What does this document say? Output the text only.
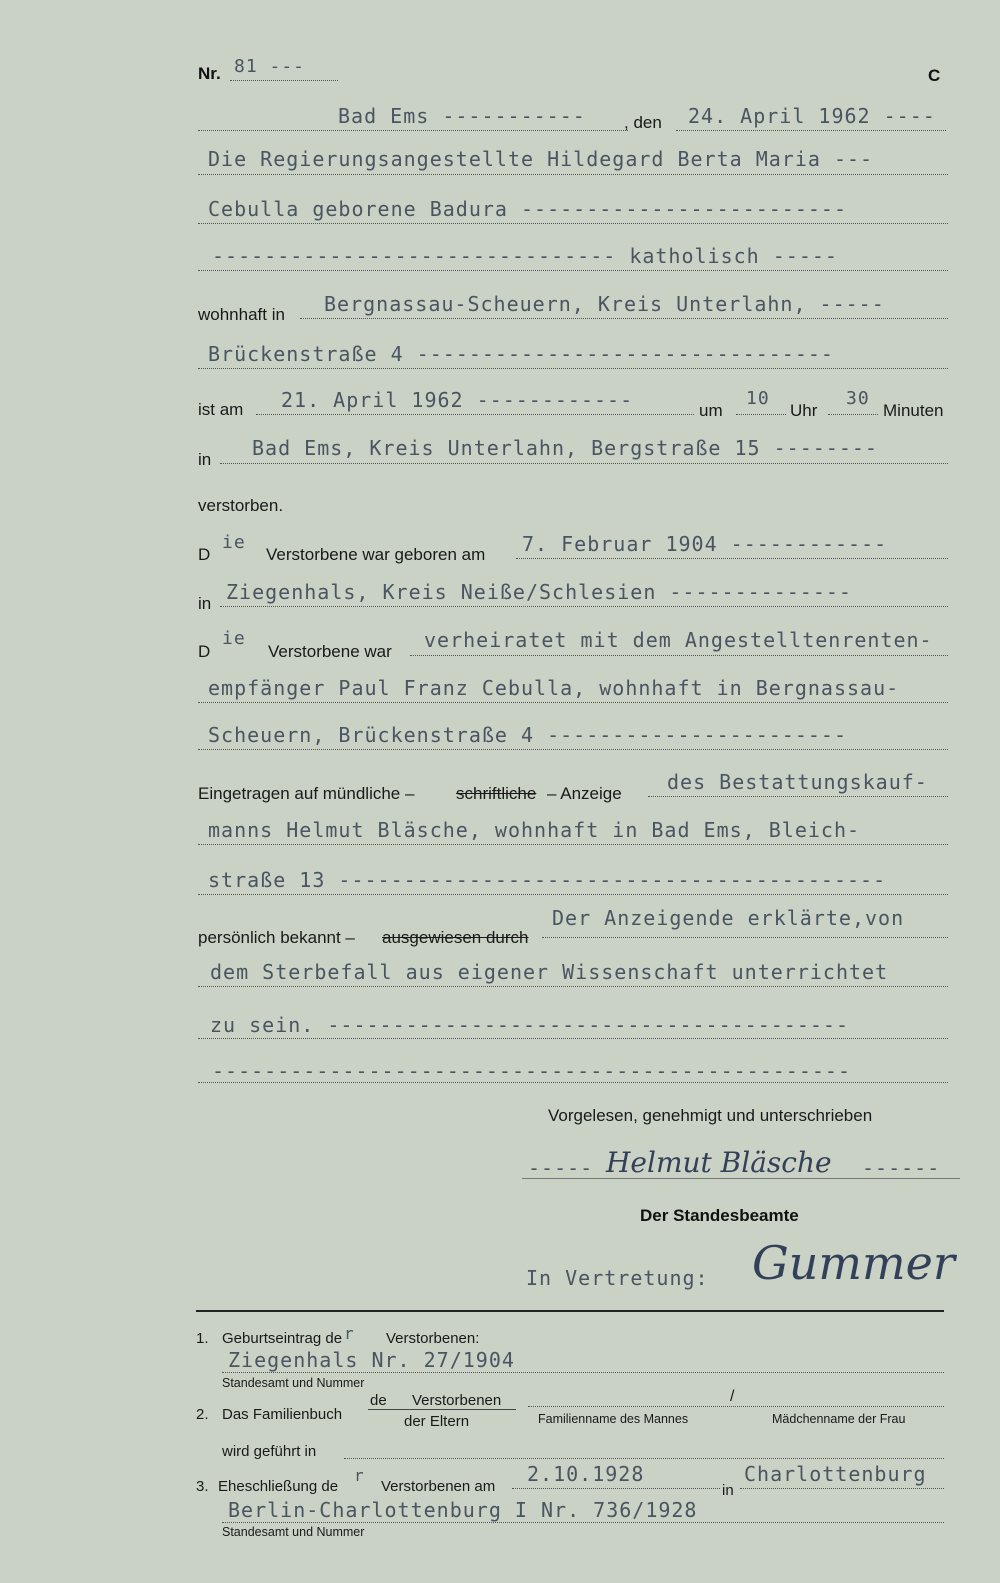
Nr. 81 ---	C
Bad Ems ----------- , den 24. April 1962 ----
Die Regierungsangestellte Hildegard Berta Maria ---
Cebulla geborene Badura -------------------------
------------------------------- katholisch -----
wohnhaft in Bergnassau-Scheuern, Kreis Unterlahn, -----
Brückenstraße 4 --------------------------------
ist am 21. April 1962 ------------	um
10
Uhr
30
Minuten
in Bad Ems, Kreis Unterlahn, Bergstraße 15 --------
verstorben.
D
ie
Verstorbene war geboren am 7. Februar 1904 ------------
in Ziegenhals, Kreis Neiße/Schlesien --------------
D
ie
Verstorbene war verheiratet mit dem Angestelltenrenten-
empfänger Paul Franz Cebulla, wohnhaft in Bergnassau-
Scheuern, Brückenstraße 4 -----------------------
Eingetragen auf mündliche – schriftliche – Anzeige des Bestattungskauf-
manns Helmut Bläsche, wohnhaft in Bad Ems, Bleich-
straße 13 ------------------------------------------
persönlich bekannt – ausgewiesen durch
Der Anzeigende erklärte,von
dem Sterbefall aus eigener Wissenschaft unterrichtet
zu sein. ----------------------------------------
-------------------------------------------------
Vorgelesen, genehmigt und unterschrieben
----- Helmut Bläsche ------
Der Standesbeamte
In Vertretung: Gummer
1. Geburtseintrag de r Verstorbenen:
Ziegenhals Nr. 27/1904
Standesamt und Nummer
2. Das Familienbuch
de Verstorbenen
der Eltern
/
Familienname des Mannes	Mädchenname der Frau
wird geführt in
3. Eheschließung de
r
Verstorbenen am
2.10.1928
in
Charlottenburg
Berlin-Charlottenburg I Nr. 736/1928
Standesamt und Nummer
